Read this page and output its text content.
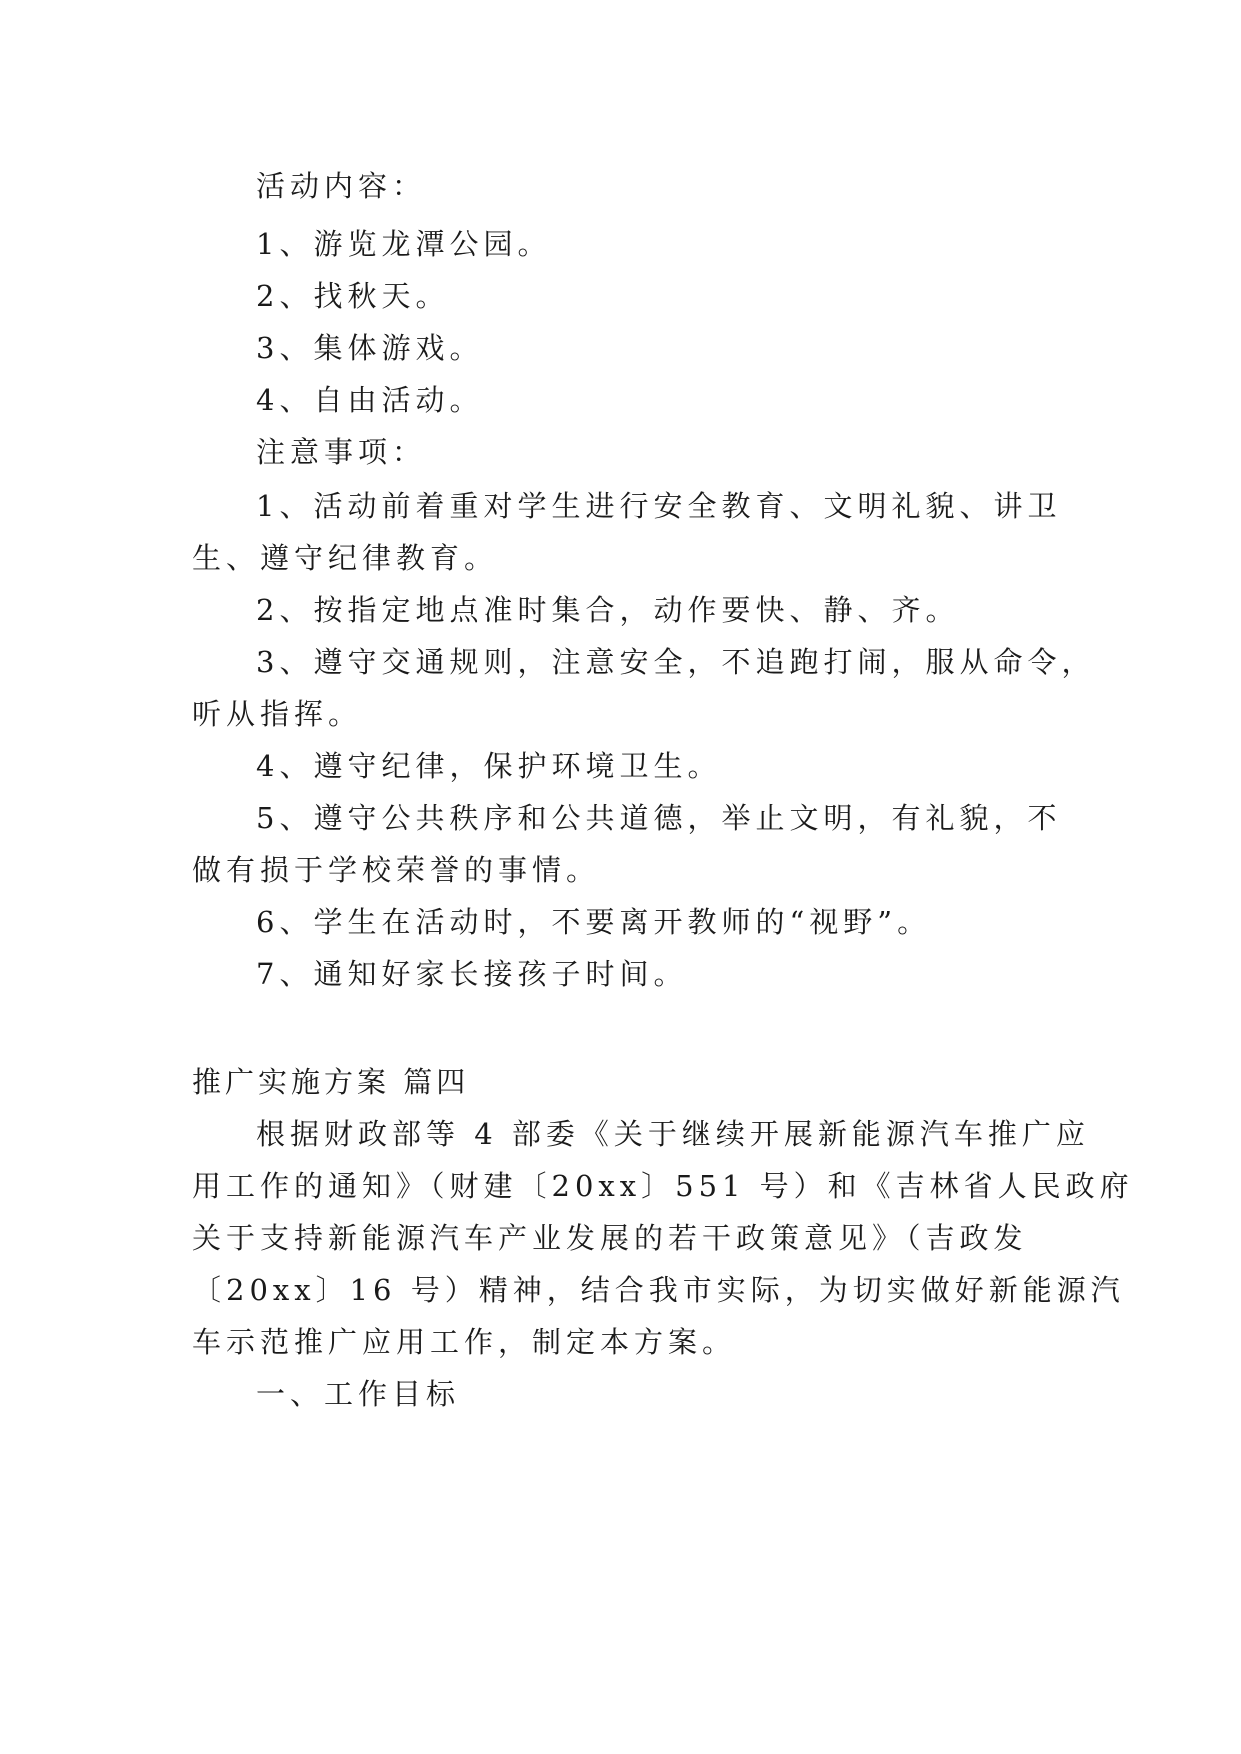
活动内容：
1、游览龙潭公园。
2、找秋天。
3、集体游戏。
4、自由活动。
注意事项：
1、活动前着重对学生进行安全教育、文明礼貌、讲卫
生、遵守纪律教育。
2、按指定地点准时集合，动作要快、静、齐。
3、遵守交通规则，注意安全，不追跑打闹，服从命令，
听从指挥。
4、遵守纪律，保护环境卫生。
5、遵守公共秩序和公共道德，举止文明，有礼貌，不
做有损于学校荣誉的事情。
6、学生在活动时，不要离开教师的“视野”。
7、通知好家长接孩子时间。
推广实施方案 篇四
根据财政部等 4 部委《关于继续开展新能源汽车推广应
用工作的通知》（财建〔20xx〕551 号）和《吉林省人民政府
关于支持新能源汽车产业发展的若干政策意见》（吉政发
〔20xx〕16 号）精神，结合我市实际，为切实做好新能源汽
车示范推广应用工作，制定本方案。
一、工作目标
